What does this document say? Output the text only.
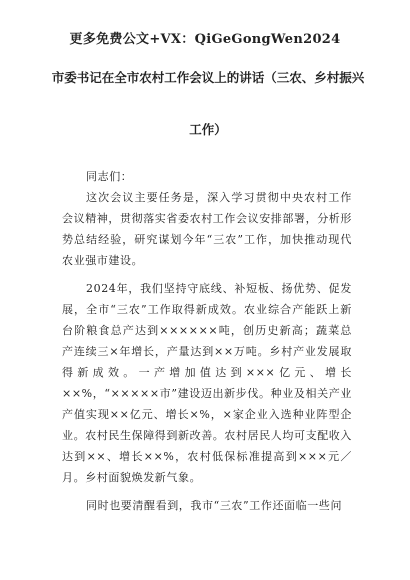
更多免费公文+VX：QiGeGongWen2024
市委书记在全市农村工作会议上的讲话（三农、乡村振兴
工作）
同志们：

这次会议主要任务是，深入学习贯彻中央农村工作会议精神，贯彻落实省委农村工作会议安排部署，分析形势总结经验，研究谋划今年“三农”工作，加快推动现代农业强市建设。

2024年，我们坚持守底线、补短板、扬优势、促发展，全市“三农”工作取得新成效。农业综合产能跃上新台阶粮食总产达到××××××吨，创历史新高；蔬菜总产连续三×年增长，产量达到××万吨。乡村产业发展取得新成效。一产增加值达到×××亿元、增长××%，“×××××市”建设迈出新步伐。种业及相关产业产值实现××亿元、增长×%，×家企业入选种业阵型企业。农村民生保障得到新改善。农村居民人均可支配收入达到××、增长××%，农村低保标准提高到×××元／月。乡村面貌焕发新气象。

同时也要清醒看到，我市“三农”工作还面临一些问
